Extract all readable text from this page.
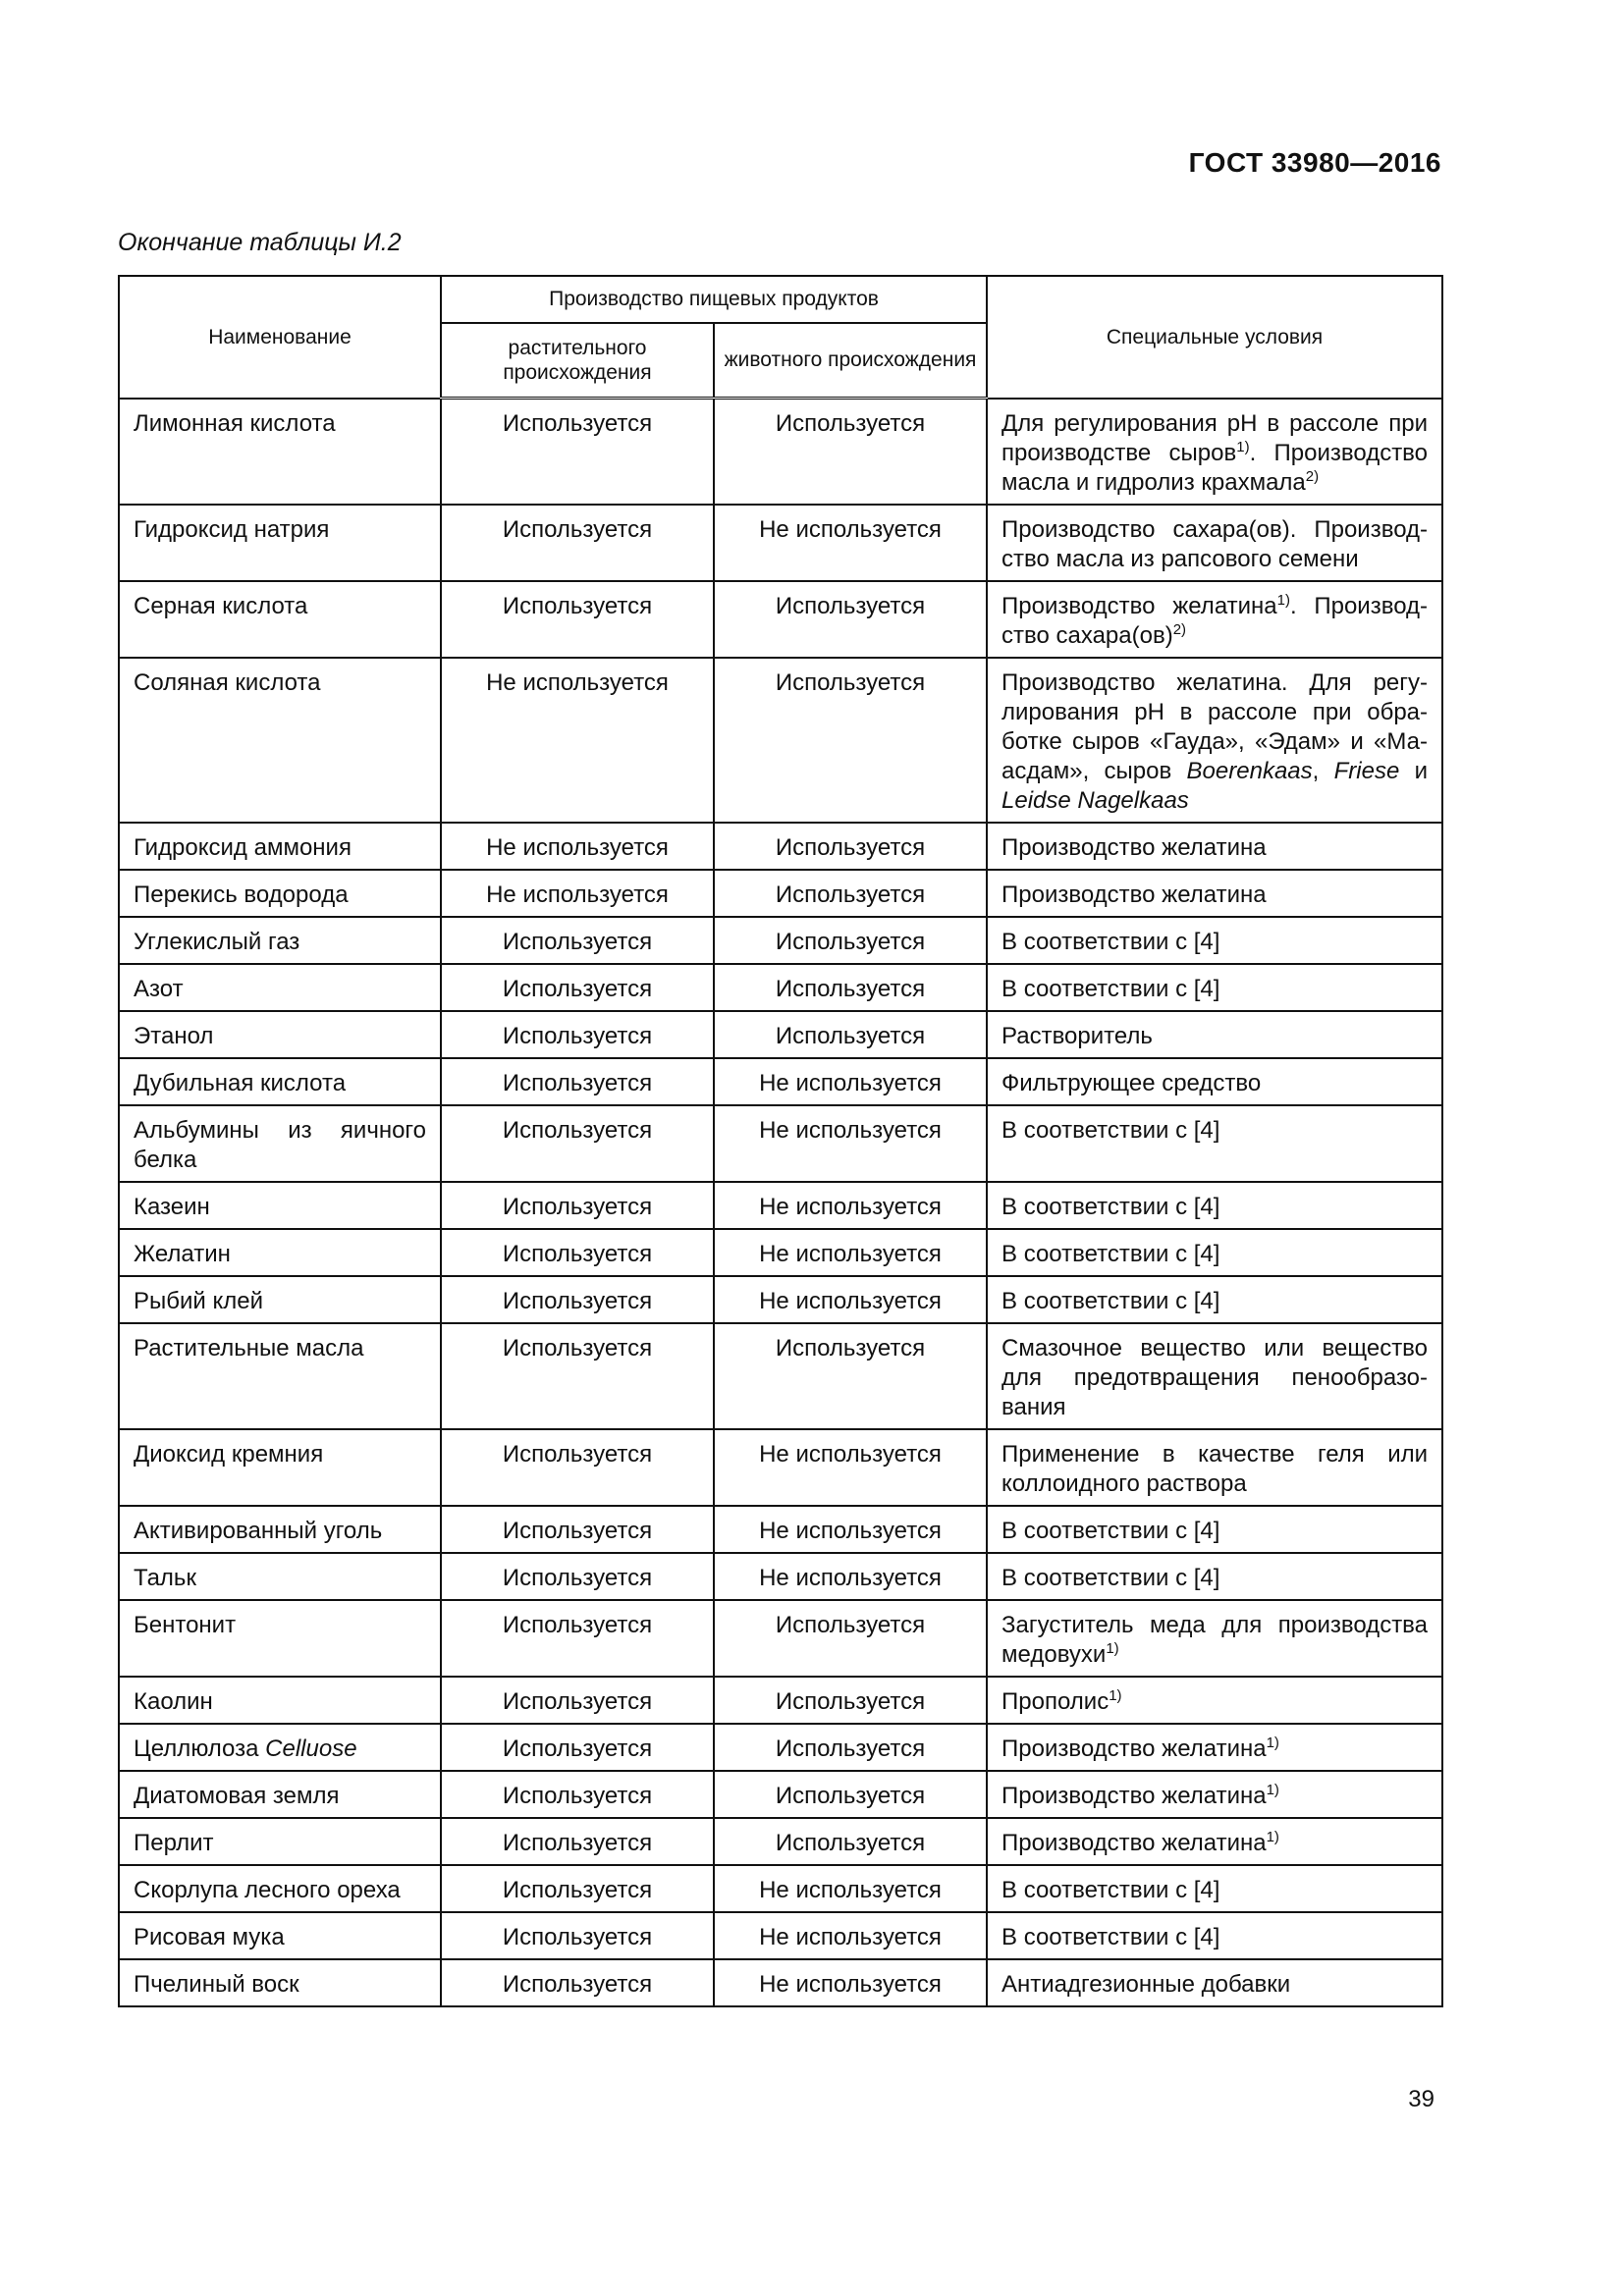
ГОСТ 33980—2016
Окончание таблицы И.2
Наименование	Производство пищевых продуктов		Специальные условия
	растительного происхождения	животного происхождения	
Лимонная кислота	Используется	Используется	Для регулирования pH в рассоле при производстве сыров$^{1)}$. Производство масла и гидролиз крахмала$^{2)}$
Гидроксид натрия	Используется	Не используется	Производство сахара(ов). Производ-ство масла из рапсового семени
Серная кислота	Используется	Используется	Производство желатина$^{1)}$. Производ-ство сахара(ов)$^{2)}$
Соляная кислота	Не используется	Используется	Производство желатина. Для регу-лирования pH в рассоле при обра-ботке сыров «Гауда», «Эдам» и «Ма-асдам», сыров Boerenkaas, Friese и Leidse Nagelkaas
Гидроксид аммония	Не используется	Используется	Производство желатина
Перекись водорода	Не используется	Используется	Производство желатина
Углекислый газ	Используется	Используется	В соответствии с [4]
Азот	Используется	Используется	В соответствии с [4]
Этанол	Используется	Используется	Растворитель
Дубильная кислота	Используется	Не используется	Фильтрующее средство
Альбумины из яичного белка	Используется	Не используется	В соответствии с [4]
Казеин	Используется	Не используется	В соответствии с [4]
Желатин	Используется	Не используется	В соответствии с [4]
Рыбий клей	Используется	Не используется	В соответствии с [4]
Растительные масла	Используется	Используется	Смазочное вещество или вещество для предотвращения пенообразо-вания
Диоксид кремния	Используется	Не используется	Применение в качестве геля или коллоидного раствора
Активированный уголь	Используется	Не используется	В соответствии с [4]
Тальк	Используется	Не используется	В соответствии с [4]
Бентонит	Используется	Используется	Загуститель меда для производства медовухи$^{1)}$
Каолин	Используется	Используется	Прополис$^{1)}$
Целлюлоза Celluose	Используется	Используется	Производство желатина$^{1)}$
Диатомовая земля	Используется	Используется	Производство желатина$^{1)}$
Перлит	Используется	Используется	Производство желатина$^{1)}$
Скорлупа лесного ореха	Используется	Не используется	В соответствии с [4]
Рисовая мука	Используется	Не используется	В соответствии с [4]
Пчелиный воск	Используется	Не используется	Антиадгезионные добавки
39
